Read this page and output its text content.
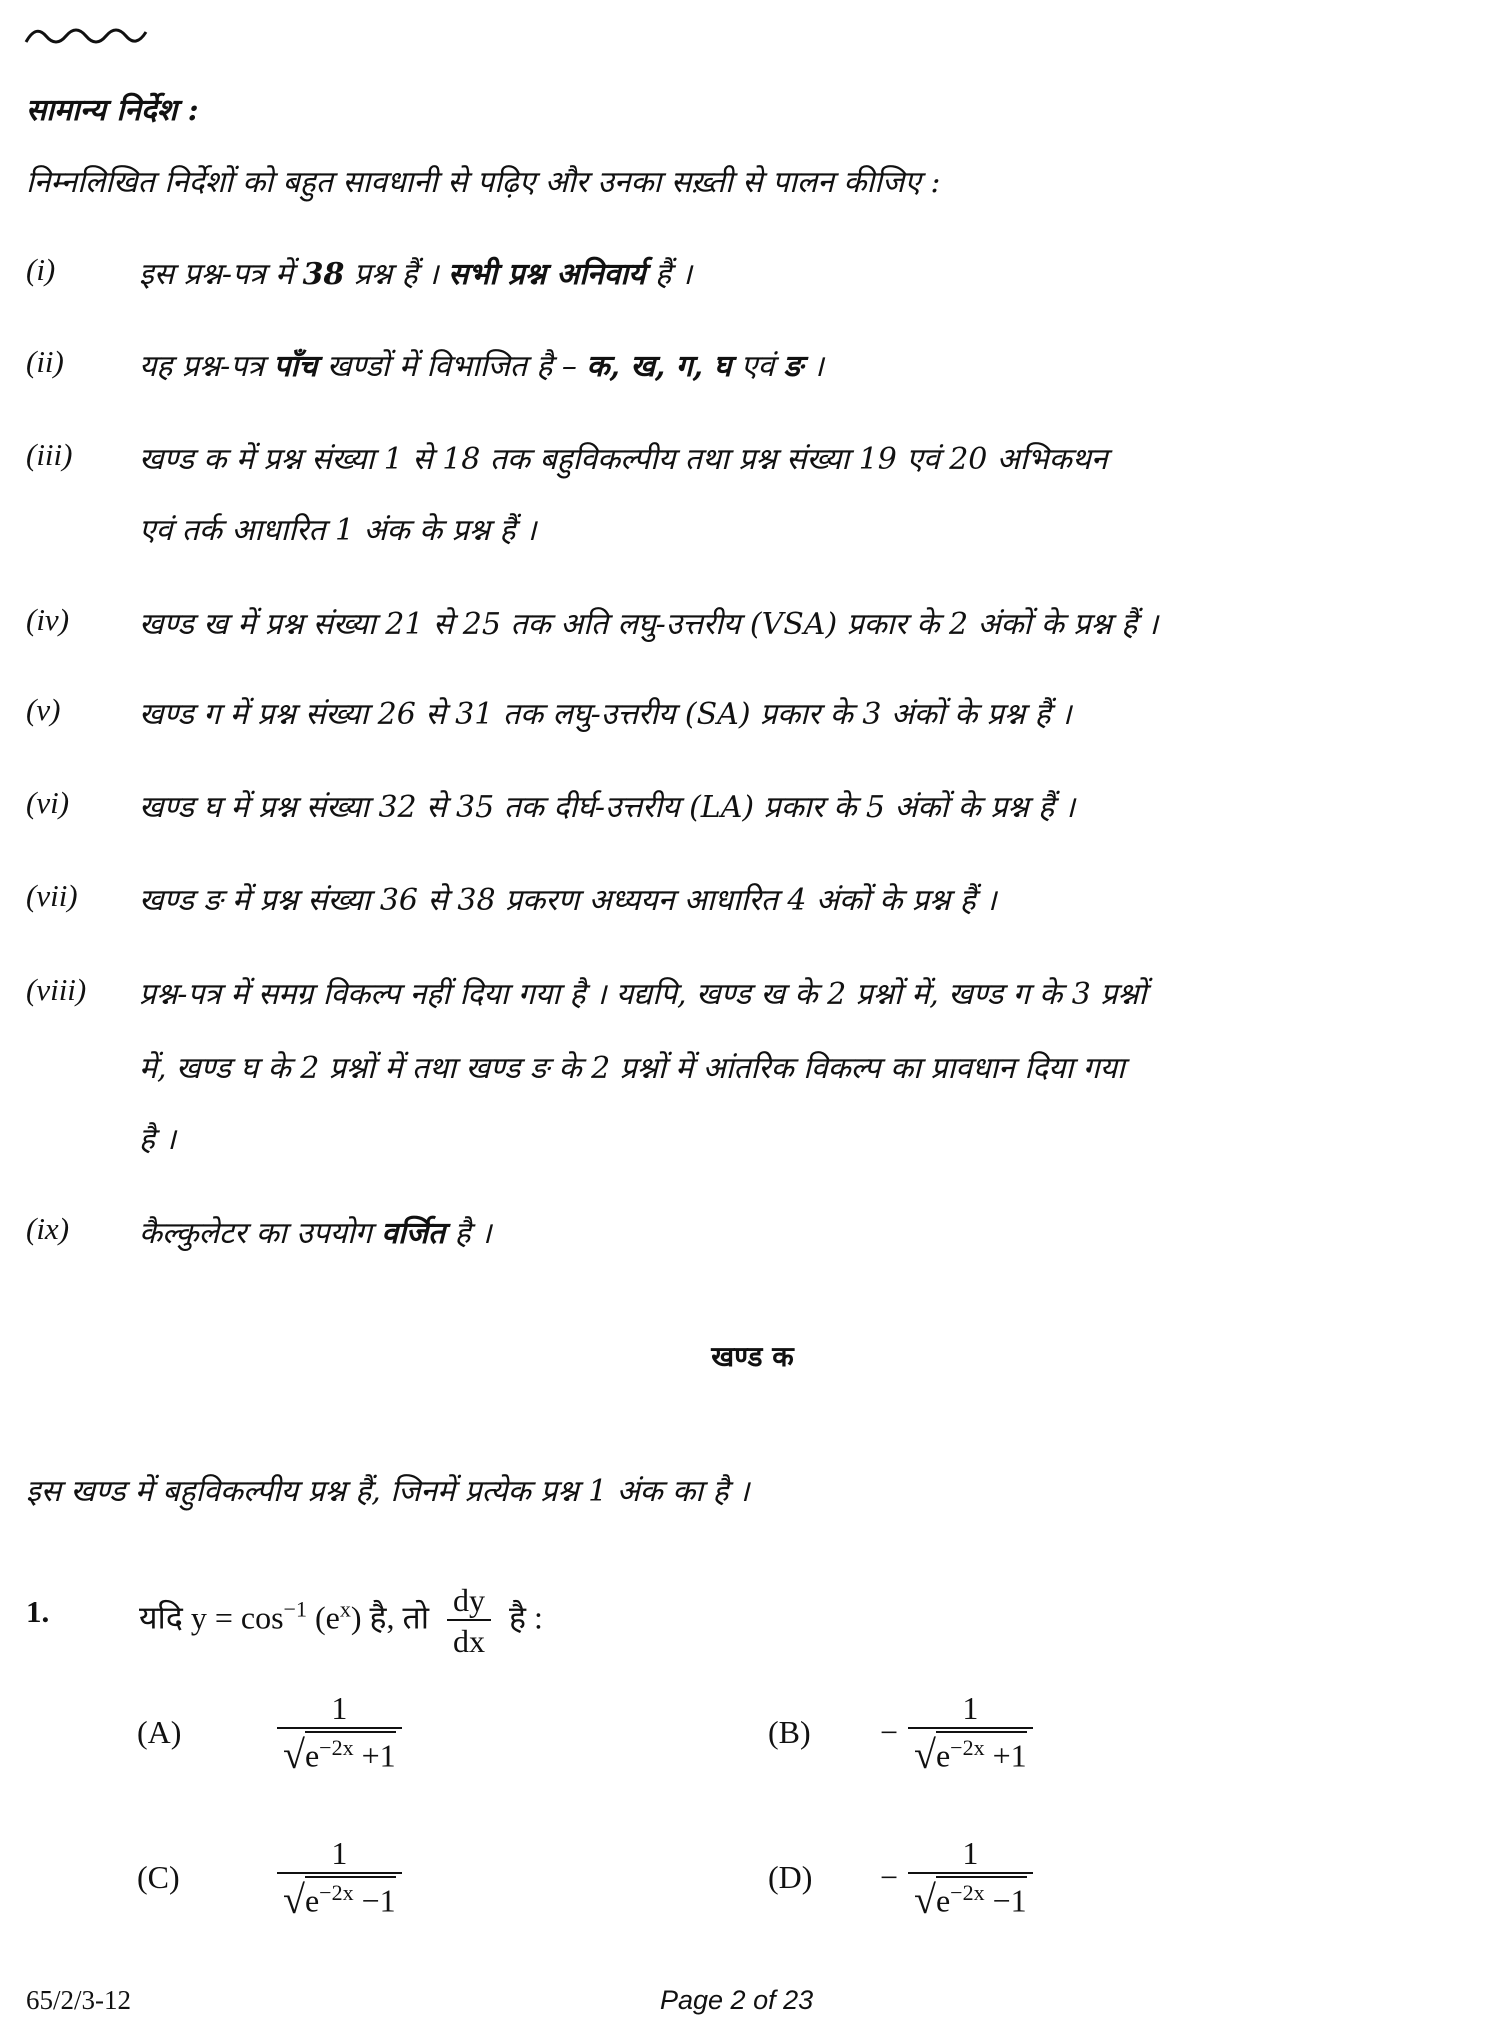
सामान्य निर्देश :
निम्नलिखित निर्देशों को बहुत सावधानी से पढ़िए और उनका सख़्ती से पालन कीजिए :
(i)	इस प्रश्न-पत्र में 38 प्रश्न हैं । सभी प्रश्न अनिवार्य हैं ।
(ii)	यह प्रश्न-पत्र पाँच खण्डों में विभाजित है – क, ख, ग, घ एवं ङ ।
(iii) खण्ड क में प्रश्न संख्या 1 से 18 तक बहुविकल्पीय तथा प्रश्न संख्या 19 एवं 20 अभिकथन
एवं तर्क आधारित 1 अंक के प्रश्न हैं ।
(iv) खण्ड ख में प्रश्न संख्या 21 से 25 तक अति लघु-उत्तरीय (VSA) प्रकार के 2 अंकों के प्रश्न हैं ।
(v)	खण्ड ग में प्रश्न संख्या 26 से 31 तक लघु-उत्तरीय (SA) प्रकार के 3 अंकों के प्रश्न हैं ।
(vi) खण्ड घ में प्रश्न संख्या 32 से 35 तक दीर्घ-उत्तरीय (LA) प्रकार के 5 अंकों के प्रश्न हैं ।
(vii) खण्ड ङ में प्रश्न संख्या 36 से 38 प्रकरण अध्ययन आधारित 4 अंकों के प्रश्न हैं ।
(viii) प्रश्न-पत्र में समग्र विकल्प नहीं दिया गया है । यद्यपि, खण्ड ख के 2 प्रश्नों में, खण्ड ग के 3 प्रश्नों
में, खण्ड घ के 2 प्रश्नों में तथा खण्ड ङ के 2 प्रश्नों में आंतरिक विकल्प का प्रावधान दिया गया
है ।
(ix) कैल्कुलेटर का उपयोग वर्जित है ।
खण्ड क
इस खण्ड में बहुविकल्पीय प्रश्न हैं, जिनमें प्रत्येक प्रश्न 1 अंक का है ।
1.	यदि $y = \cos^{-1} (e^x)$ है, तो $\frac{dy}{dx}$ है :
(A)	$\frac{1}{√ e^{-2x} +1}$	$(B) - \frac{1}{√ e^{-2x} +1}$
(C)	$\frac{1}{√ e^{-2x} -1}$	$(D) - \frac{1}{√ e^{-2x} -1}$
65/2/3-12	Page 2 of 23
